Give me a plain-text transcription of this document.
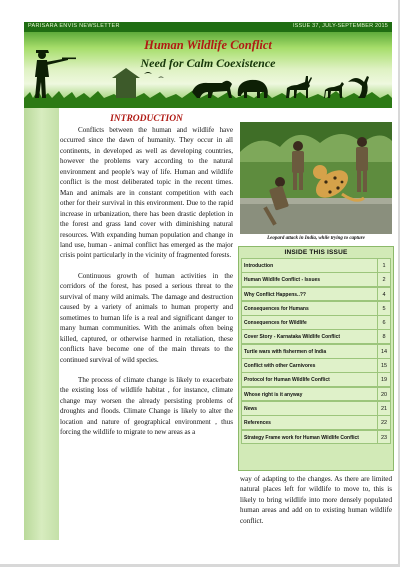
PARISARA ENVIS NEWSLETTER	ISSUE 37, JULY-SEPTEMBER 2015
Human Wildlife Conflict
Need for Calm Coexistence
INTRODUCTION

Conflicts between the human and wildlife have occurred since the dawn of humanity. They occur in all continents, in developed as well as developing countries, however the problems vary according to the natural environment and people's way of life. Human and wildlife conflict is the most deliberated topic in the recent times. Man and animals are in constant competition with each other for their survival in this environment. Due to the rapid increase in urbanization, there has been drastic depletion in the forest and grass land cover with diminishing natural resources. With expanding human population and change in land use, human - animal conflict has emerged as the major crisis point particularly in the vicinity of fragmented forests.

Continuous growth of human activities in the corridors of the forest, has posed a serious threat to the survival of many wild animals. The damage and destruction caused by a variety of animals to human property and sometimes to human life is a real and significant danger to many human communities. With the animals often being killed, captured, or otherwise harmed in retaliation, these conflicts have become one of the main threats to the continued survival of wild species.

The process of climate change is likely to exacerbate the existing loss of wildlife habitat , for instance, climate change may worsen the already persisting problems of droughts and floods. Climate Change is likely to alter the location and nature of geographical environment , thus forcing the wildlife to migrate to new areas as a

Leopard attack in India, while trying to capture
INSIDE THIS ISSUE
Introduction	1
Human Wildlife Conflict - Issues	2
Why Conflict Happens..??	4
Consequences for Humans	5
Consequences for Wildlife	6
Cover Story - Karnataka Wildlife Conflict	8
Turtle wars with fishermen of India	14
Conflict with other Carnivores	15
Protocol for Human Wildlife Conflict	19
Whose right is it anyway	20
News	21
References	22
Strategy Frame work for Human Wildlife Conflict	23

way of adapting to the changes. As there are limited natural places left for wildlife to move to, this is likely to bring wildlife into more densely populated human areas and add on to existing human wildlife conflict.
